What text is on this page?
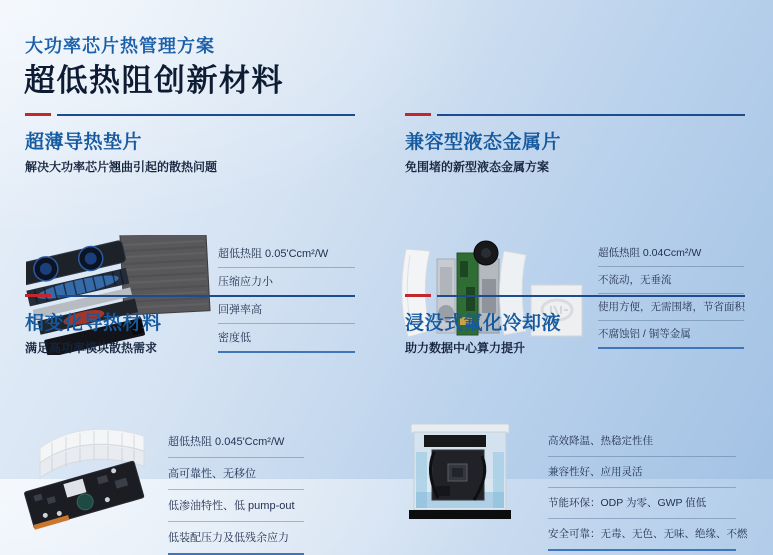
大功率芯片热管理方案
超低热阻创新材料
超薄导热垫片
解决大功率芯片翘曲引起的散热问题
超低热阻 0.05'Ccm²/W
压缩应力小
回弹率高
密度低
兼容型液态金属片
免围堵的新型液态金属方案
超低热阻 0.04Ccm²/W
不流动，无垂流
使用方便，无需围堵，节省面积
不腐蚀铝 / 铜等金属
相变化导热材料
满足高功率模块散热需求
超低热阻 0.045'Ccm²/W
高可靠性、无移位
低渗油特性、低 pump-out
低装配压力及低残余应力
浸没式氟化冷却液
助力数据中心算力提升
高效降温、热稳定性佳
兼容性好、应用灵活
节能环保：ODP 为零、GWP 值低
安全可靠：无毒、无色、无味、绝缘、不燃
